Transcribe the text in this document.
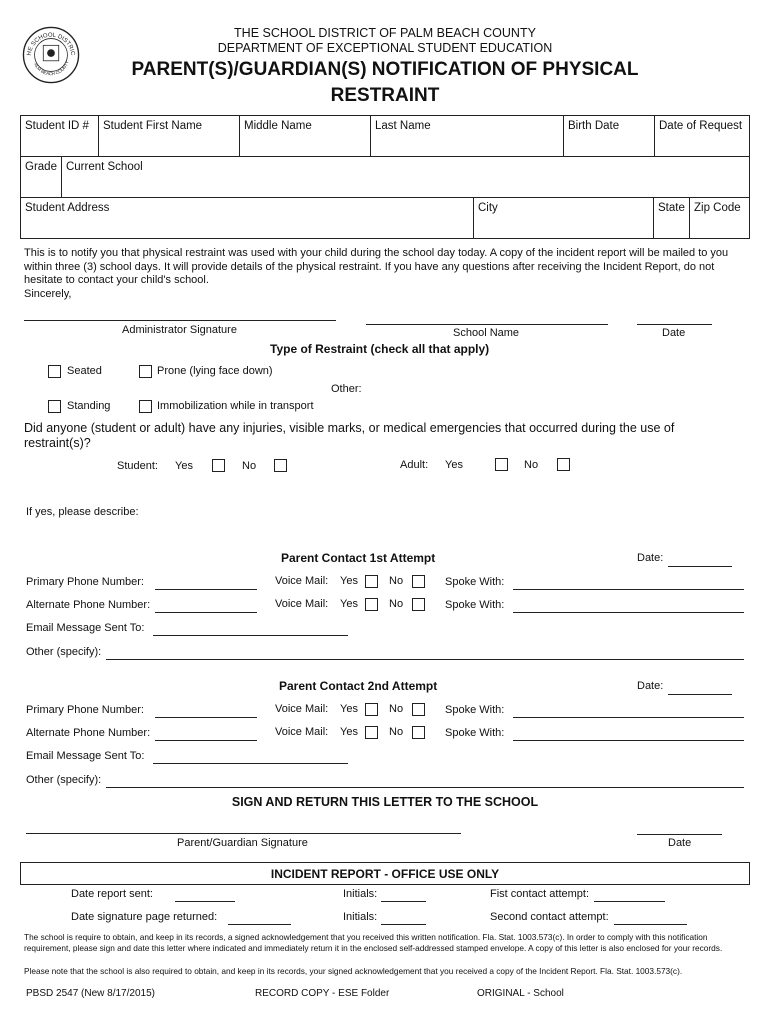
HE SCHOOL DISTRIC
ALM BEACH COUNTY
THE SCHOOL DISTRICT OF PALM BEACH COUNTY
DEPARTMENT OF EXCEPTIONAL STUDENT EDUCATION
PARENT(S)/GUARDIAN(S) NOTIFICATION OF PHYSICAL
RESTRAINT
Student ID #	Student First Name	Middle Name	Last Name	Birth Date	Date of Request
Grade	Current School
Student Address	City	State	Zip Code
This is to notify you that physical restraint was used with your child during the school day today. A copy of the incident report will be mailed to you within three (3) school days. It will provide details of the physical restraint. If you have any questions after receiving the Incident Report, do not hesitate to contact your child's school.
Sincerely,
Administrator Signature	School Name	Date
Type of Restraint (check all that apply)
Seated	Prone (lying face down)
Other:
Standing	Immobilization while in transport
Did anyone (student or adult) have any injuries, visible marks, or medical emergencies that occurred during the use of restraint(s)?
Student: Yes	No	Adult: Yes	No
If yes, please describe:
Parent Contact 1st Attempt	Date:
Primary Phone Number:	Voice Mail: Yes	No	Spoke With:
Alternate Phone Number:	Voice Mail: Yes	No	Spoke With:
Email Message Sent To:
Other (specify):
Parent Contact 2nd Attempt	Date:
Primary Phone Number:	Voice Mail: Yes	No	Spoke With:
Alternate Phone Number:	Voice Mail: Yes	No	Spoke With:
Email Message Sent To:
Other (specify):
SIGN AND RETURN THIS LETTER TO THE SCHOOL
Parent/Guardian Signature	Date
INCIDENT REPORT - OFFICE USE ONLY
Date report sent:	Initials:	Fist contact attempt:
Date signature page returned:	Initials:	Second contact attempt:
The school is require to obtain, and keep in its records, a signed acknowledgement that you received this written notification. Fla. Stat. 1003.573(c). In order to comply with this notification requirement, please sign and date this letter where indicated and immediately return it in the enclosed self-addressed stamped envelope. A copy of this letter is also enclosed for your records.
Please note that the school is also required to obtain, and keep in its records, your signed acknowledgement that you received a copy of the Incident Report. Fla. Stat. 1003.573(c).
PBSD 2547 (New 8/17/2015)	RECORD COPY - ESE Folder	ORIGINAL - School
